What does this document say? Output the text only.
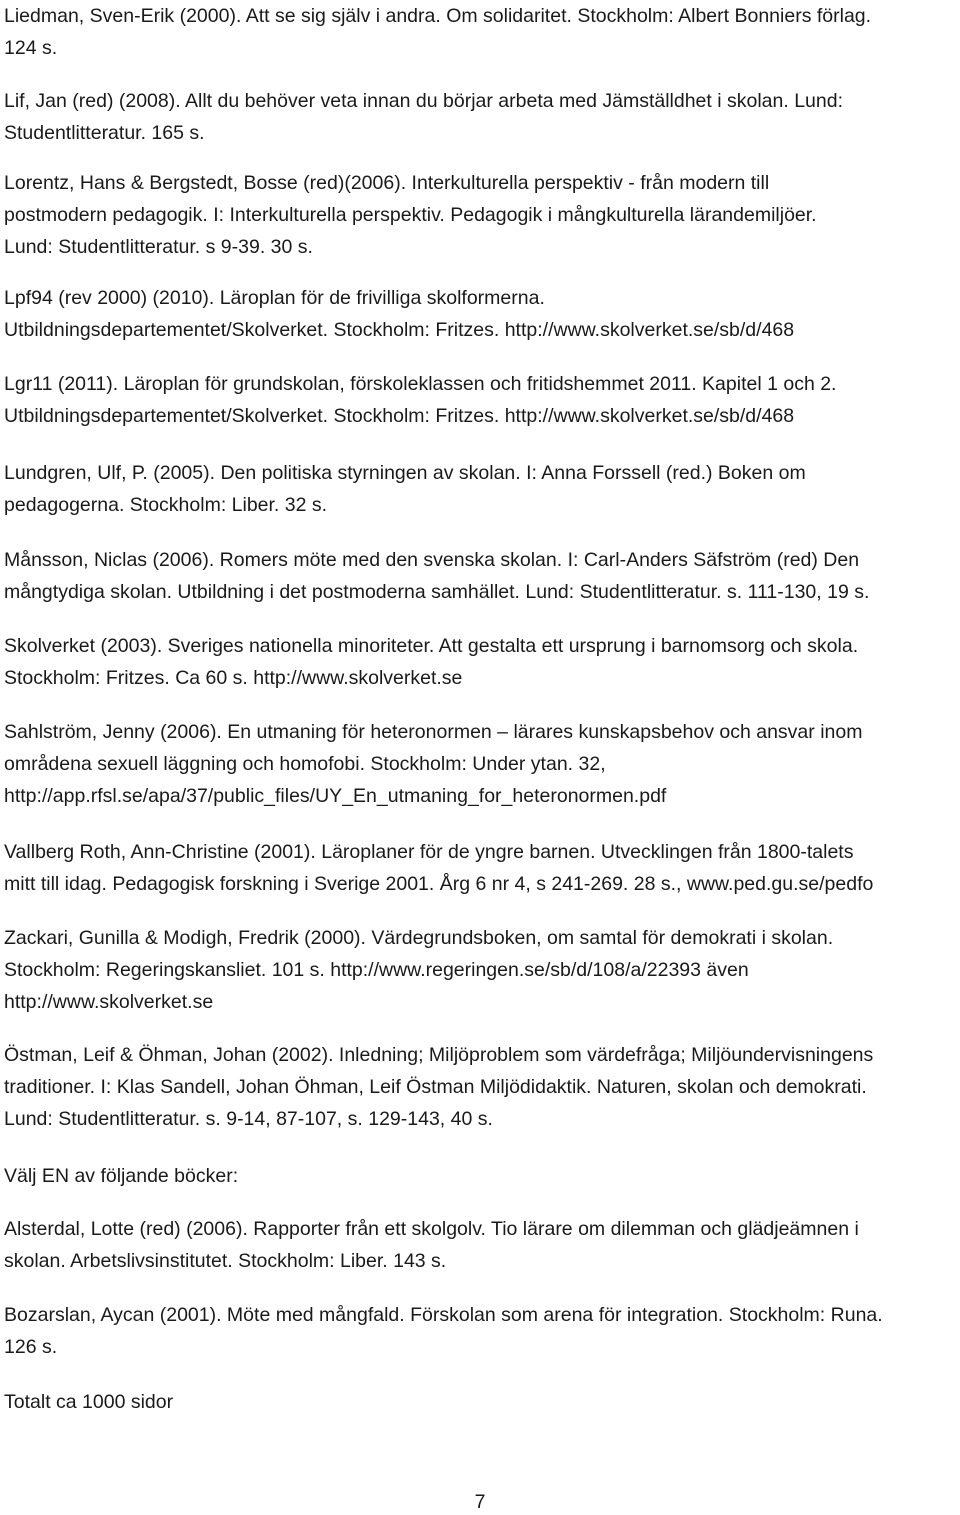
Liedman, Sven-Erik (2000). Att se sig själv i andra. Om solidaritet. Stockholm: Albert Bonniers förlag.
124 s.
Lif, Jan (red) (2008). Allt du behöver veta innan du börjar arbeta med Jämställdhet i skolan. Lund:
Studentlitteratur. 165 s.
Lorentz, Hans & Bergstedt, Bosse (red)(2006). Interkulturella perspektiv - från modern till
postmodern pedagogik. I: Interkulturella perspektiv. Pedagogik i mångkulturella lärandemiljöer.
Lund: Studentlitteratur. s 9-39. 30 s.
Lpf94 (rev 2000) (2010). Läroplan för de frivilliga skolformerna.
Utbildningsdepartementet/Skolverket. Stockholm: Fritzes. http://www.skolverket.se/sb/d/468
Lgr11 (2011). Läroplan för grundskolan, förskoleklassen och fritidshemmet 2011. Kapitel 1 och 2.
Utbildningsdepartementet/Skolverket. Stockholm: Fritzes. http://www.skolverket.se/sb/d/468
Lundgren, Ulf, P. (2005). Den politiska styrningen av skolan. I: Anna Forssell (red.) Boken om
pedagogerna. Stockholm: Liber. 32 s.
Månsson, Niclas (2006). Romers möte med den svenska skolan. I: Carl-Anders Säfström (red) Den
mångtydiga skolan. Utbildning i det postmoderna samhället. Lund: Studentlitteratur. s. 111-130, 19 s.
Skolverket (2003). Sveriges nationella minoriteter. Att gestalta ett ursprung i barnomsorg och skola.
Stockholm: Fritzes. Ca 60 s. http://www.skolverket.se
Sahlström, Jenny (2006). En utmaning för heteronormen – lärares kunskapsbehov och ansvar inom
områdena sexuell läggning och homofobi. Stockholm: Under ytan. 32,
http://app.rfsl.se/apa/37/public_files/UY_En_utmaning_for_heteronormen.pdf
Vallberg Roth, Ann-Christine (2001). Läroplaner för de yngre barnen. Utvecklingen från 1800-talets
mitt till idag. Pedagogisk forskning i Sverige 2001. Årg 6 nr 4, s 241-269. 28 s., www.ped.gu.se/pedfo
Zackari, Gunilla & Modigh, Fredrik (2000). Värdegrundsboken, om samtal för demokrati i skolan.
Stockholm: Regeringskansliet. 101 s. http://www.regeringen.se/sb/d/108/a/22393 även
http://www.skolverket.se
Östman, Leif & Öhman, Johan (2002). Inledning; Miljöproblem som värdefråga; Miljöundervisningens
traditioner. I: Klas Sandell, Johan Öhman, Leif Östman Miljödidaktik. Naturen, skolan och demokrati.
Lund: Studentlitteratur. s. 9-14, 87-107, s. 129-143, 40 s.
Välj EN av följande böcker:
Alsterdal, Lotte (red) (2006). Rapporter från ett skolgolv. Tio lärare om dilemman och glädjeämnen i
skolan. Arbetslivsinstitutet. Stockholm: Liber. 143 s.
Bozarslan, Aycan (2001). Möte med mångfald. Förskolan som arena för integration. Stockholm: Runa.
126 s.
Totalt ca 1000 sidor
7
